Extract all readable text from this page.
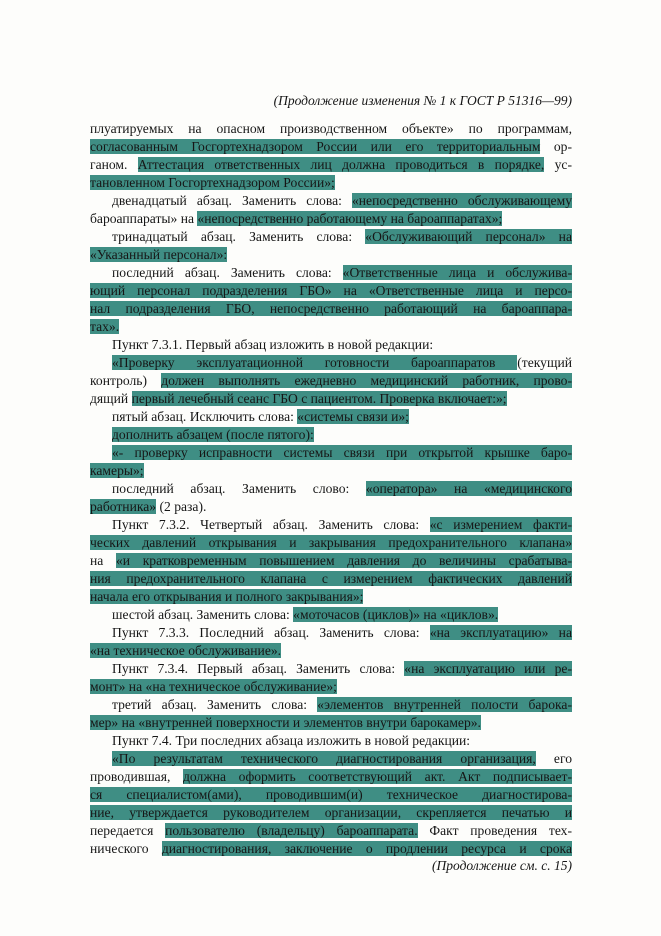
(Продолжение изменения № 1 к ГОСТ Р 51316—99)
плуатируемых на опасном производственном объекте» по программам,
согласованным Госгортехнадзором России или его территориальным ор-
ганом. Аттестация ответственных лиц должна проводиться в порядке, ус-
тановленном Госгортехнадзором России»;
двенадцатый абзац. Заменить слова: «непосредственно обслуживающему
бароаппараты» на «непосредственно работающему на бароаппаратах»;
тринадцатый абзац. Заменить слова: «Обслуживающий персонал» на
«Указанный персонал»:
последний абзац. Заменить слова: «Ответственные лица и обслужива-
ющий персонал подразделения ГБО» на «Ответственные лица и персо-
нал подразделения ГБО, непосредственно работающий на бароаппара-
тах».
Пункт 7.3.1. Первый абзац изложить в новой редакции:
«Проверку эксплуатационной готовности бароаппаратов (текущий
контроль) должен выполнять ежедневно медицинский работник, прово-
дящий первый лечебный сеанс ГБО с пациентом. Проверка включает:»;
пятый абзац. Исключить слова: «системы связи и»;
дополнить абзацем (после пятого):
«- проверку исправности системы связи при открытой крышке баро-
камеры»;
последний абзац. Заменить слово: «оператора» на «медицинского
работника» (2 раза).
Пункт 7.3.2. Четвертый абзац. Заменить слова: «с измерением факти-
ческих давлений открывания и закрывания предохранительного клапана»
на «и кратковременным повышением давления до величины срабатыва-
ния предохранительного клапана с измерением фактических давлений
начала его открывания и полного закрывания»;
шестой абзац. Заменить слова: «моточасов (циклов)» на «циклов».
Пункт 7.3.3. Последний абзац. Заменить слова: «на эксплуатацию» на
«на техническое обслуживание».
Пункт 7.3.4. Первый абзац. Заменить слова: «на эксплуатацию или ре-
монт» на «на техническое обслуживание»;
третий абзац. Заменить слова: «элементов внутренней полости барока-
мер» на «внутренней поверхности и элементов внутри барокамер».
Пункт 7.4. Три последних абзаца изложить в новой редакции:
«По результатам технического диагностирования организация, его
проводившая, должна оформить соответствующий акт. Акт подписывает-
ся специалистом(ами), проводившим(и) техническое диагностирова-
ние, утверждается руководителем организации, скрепляется печатью и
передается пользователю (владельцу) бароаппарата. Факт проведения тех-
нического диагностирования, заключение о продлении ресурса и срока
(Продолжение см. с. 15)
